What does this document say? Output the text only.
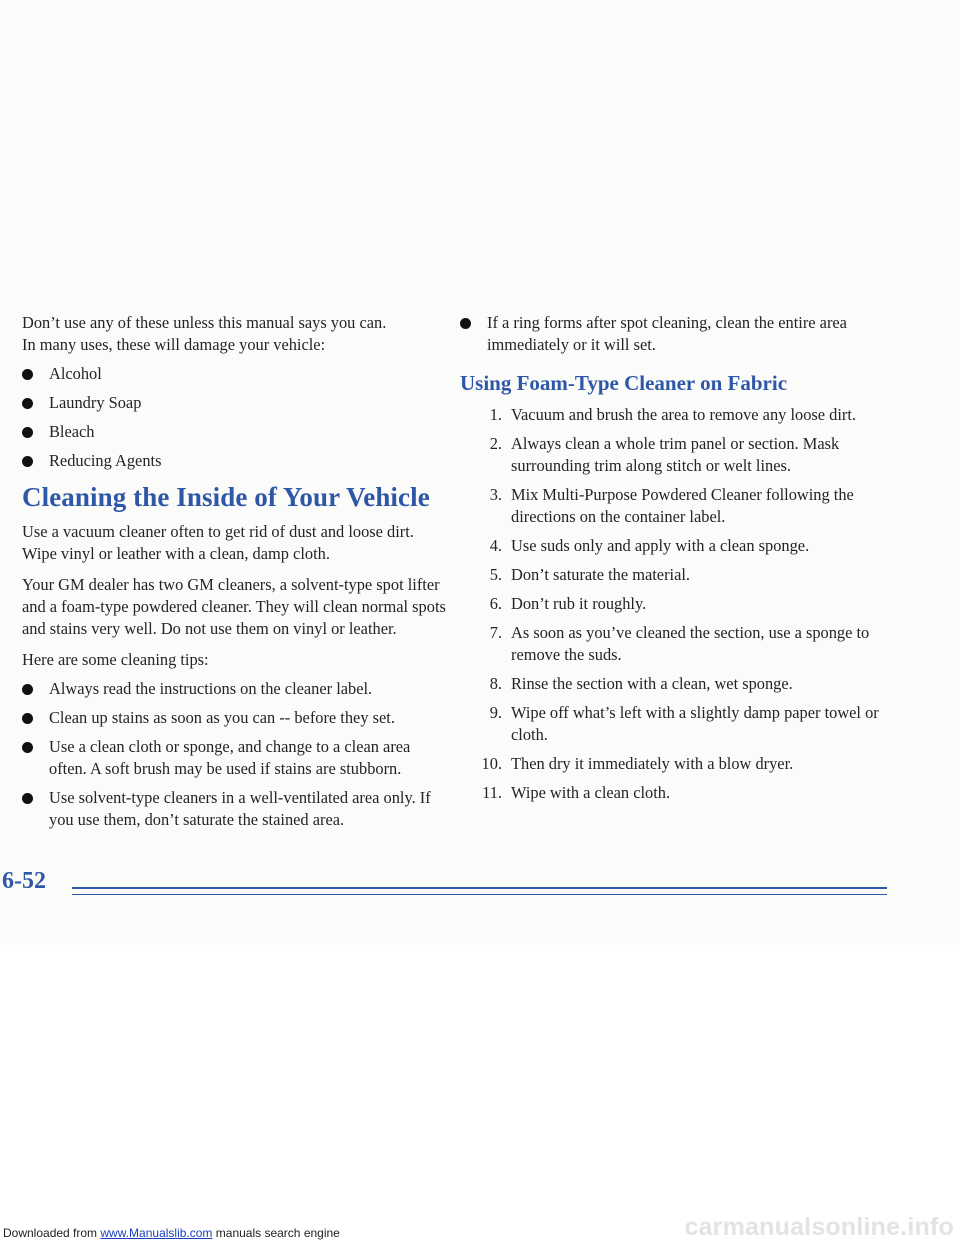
Don’t use any of these unless this manual says you can.
In many uses, these will damage your vehicle:

Alcohol
Laundry Soap
Bleach
Reducing Agents
Cleaning the Inside of Your Vehicle

Use a vacuum cleaner often to get rid of dust and loose dirt. Wipe vinyl or leather with a clean, damp cloth.

Your GM dealer has two GM cleaners, a solvent-type spot lifter and a foam-type powdered cleaner. They will clean normal spots and stains very well. Do not use them on vinyl or leather.

Here are some cleaning tips:

Always read the instructions on the cleaner label.
Clean up stains as soon as you can -- before they set.
Use a clean cloth or sponge, and change to a clean area often. A soft brush may be used if stains are stubborn.
Use solvent-type cleaners in a well-ventilated area only. If you use them, don’t saturate the stained area.
If a ring forms after spot cleaning, clean the entire area immediately or it will set.
Using Foam-Type Cleaner on Fabric
1. Vacuum and brush the area to remove any loose dirt.
2. Always clean a whole trim panel or section. Mask surrounding trim along stitch or welt lines.
3. Mix Multi-Purpose Powdered Cleaner following the directions on the container label.
4. Use suds only and apply with a clean sponge.
5. Don’t saturate the material.
6. Don’t rub it roughly.
7. As soon as you’ve cleaned the section, use a sponge to remove the suds.
8. Rinse the section with a clean, wet sponge.
9. Wipe off what’s left with a slightly damp paper towel or cloth.
10. Then dry it immediately with a blow dryer.
11. Wipe with a clean cloth.
6-52
Downloaded from www.Manualslib.com manuals search engine	carmanualsonline.info
